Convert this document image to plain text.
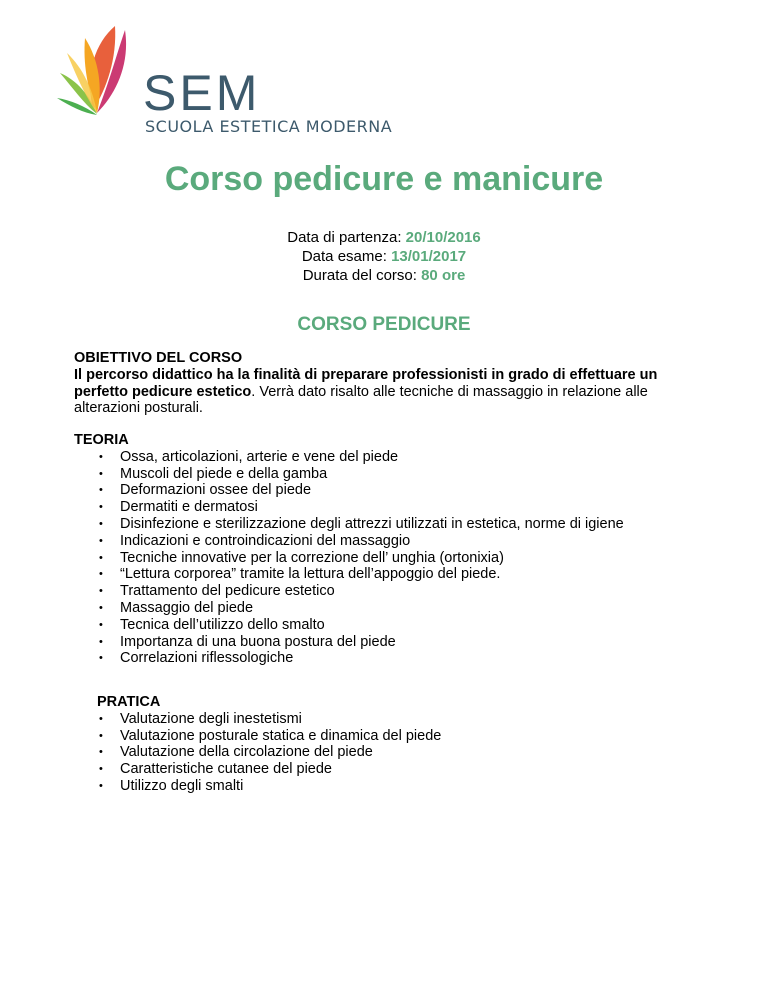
SEM
SCUOLA ESTETICA MODERNA
Corso pedicure e manicure
Data di partenza: 20/10/2016
Data esame: 13/01/2017
Durata del corso: 80 ore
CORSO PEDICURE
OBIETTIVO DEL CORSO
Il percorso didattico ha la finalità di preparare professionisti in grado di effettuare un perfetto pedicure estetico. Verrà dato risalto alle tecniche di massaggio in relazione alle alterazioni posturali.
TEORIA
• Ossa, articolazioni, arterie e vene del piede
• Muscoli del piede e della gamba
• Deformazioni ossee del piede
• Dermatiti e dermatosi
• Disinfezione e sterilizzazione degli attrezzi utilizzati in estetica, norme di igiene
• Indicazioni e controindicazioni del massaggio
• Tecniche innovative per la correzione dell’ unghia (ortonixia)
• “Lettura corporea” tramite la lettura dell’appoggio del piede.
• Trattamento del pedicure estetico
• Massaggio del piede
• Tecnica dell’utilizzo dello smalto
• Importanza di una buona postura del piede
• Correlazioni riflessologiche
PRATICA
• Valutazione degli inestetismi
• Valutazione posturale statica e dinamica del piede
• Valutazione della circolazione del piede
• Caratteristiche cutanee del piede
• Utilizzo degli smalti
